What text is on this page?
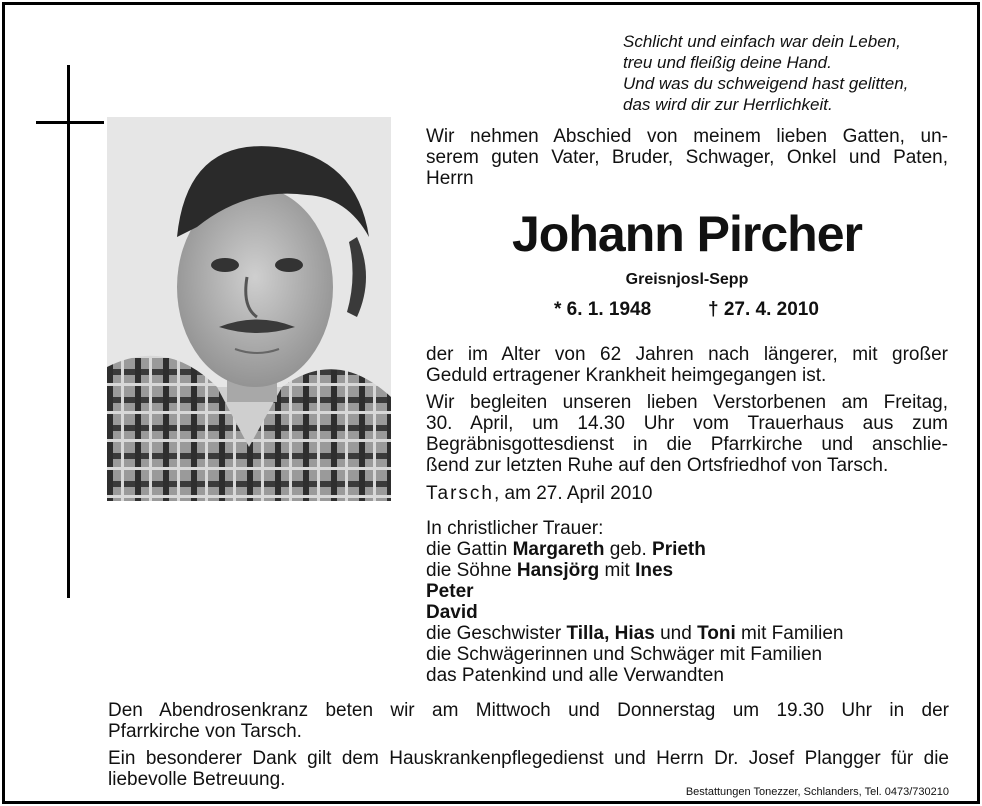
Schlicht und einfach war dein Leben,
treu und fleißig deine Hand.
Und was du schweigend hast gelitten,
das wird dir zur Herrlichkeit.
Wir nehmen Abschied von meinem lieben Gatten, un-
serem guten Vater, Bruder, Schwager, Onkel und Paten,
Herrn
Johann Pircher
Greisnjosl-Sepp
* 6. 1. 1948	† 27. 4. 2010
der im Alter von 62 Jahren nach längerer, mit großer
Geduld ertragener Krankheit heimgegangen ist.
Wir begleiten unseren lieben Verstorbenen am Freitag,
30. April, um 14.30 Uhr vom Trauerhaus aus zum
Begräbnisgottesdienst in die Pfarrkirche und anschlie-
ßend zur letzten Ruhe auf den Ortsfriedhof von Tarsch.
Tarsch, am 27. April 2010
In christlicher Trauer:
die Gattin Margareth geb. Prieth
die Söhne Hansjörg mit Ines
Peter
David
die Geschwister Tilla, Hias und Toni mit Familien
die Schwägerinnen und Schwäger mit Familien
das Patenkind und alle Verwandten
Den Abendrosenkranz beten wir am Mittwoch und Donnerstag um 19.30 Uhr in der
Pfarrkirche von Tarsch.
Ein besonderer Dank gilt dem Hauskrankenpflegedienst und Herrn Dr. Josef Plangger für die
liebevolle Betreuung.
Bestattungen Tonezzer, Schlanders, Tel. 0473/730210
